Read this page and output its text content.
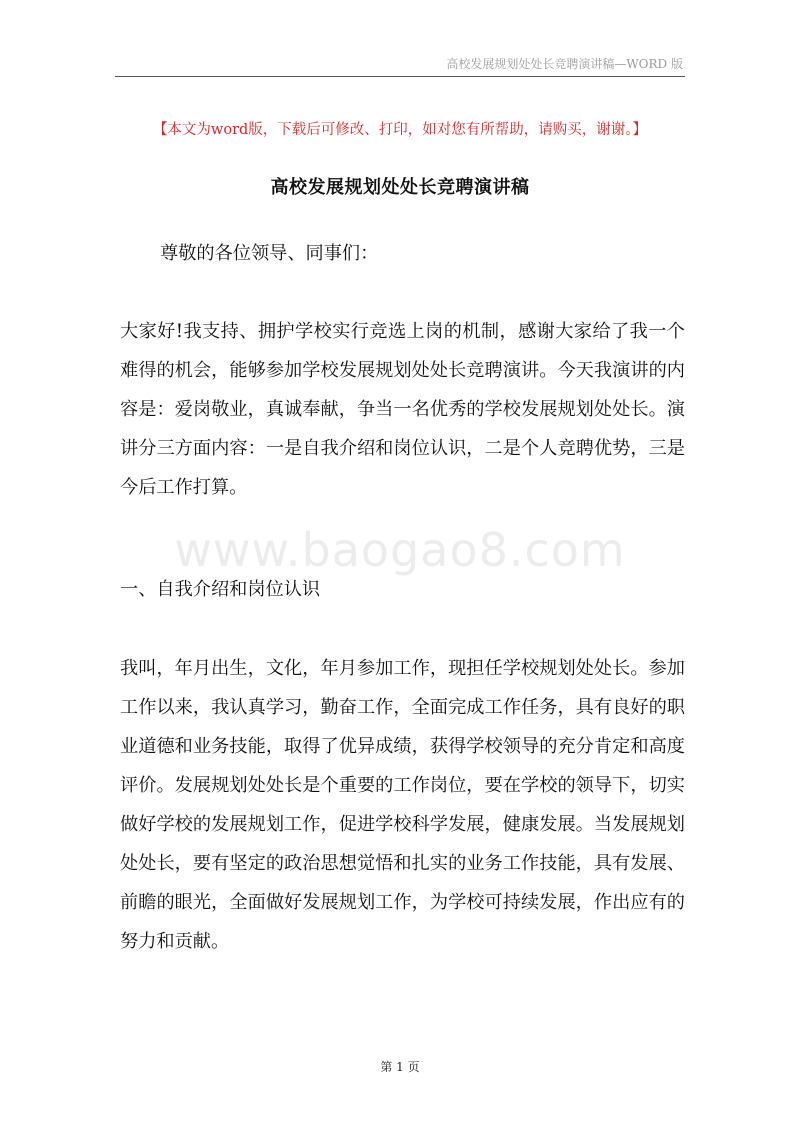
高校发展规划处处长竞聘演讲稿—WORD 版
【本文为word版，下载后可修改、打印，如对您有所帮助，请购买，谢谢。】
高校发展规划处处长竞聘演讲稿

尊敬的各位领导、同事们：

大家好!我支持、拥护学校实行竞选上岗的机制，感谢大家给了我一个难得的机会，能够参加学校发展规划处处长竞聘演讲。今天我演讲的内容是：爱岗敬业，真诚奉献，争当一名优秀的学校发展规划处处长。演讲分三方面内容：一是自我介绍和岗位认识，二是个人竞聘优势，三是今后工作打算。

www.baogao8.com

一、自我介绍和岗位认识

我叫，年月出生，文化，年月参加工作，现担任学校规划处处长。参加工作以来，我认真学习，勤奋工作，全面完成工作任务，具有良好的职业道德和业务技能，取得了优异成绩，获得学校领导的充分肯定和高度评价。发展规划处处长是个重要的工作岗位，要在学校的领导下，切实做好学校的发展规划工作，促进学校科学发展，健康发展。当发展规划处处长，要有坚定的政治思想觉悟和扎实的业务工作技能，具有发展、前瞻的眼光，全面做好发展规划工作，为学校可持续发展，作出应有的努力和贡献。

第 1 页
